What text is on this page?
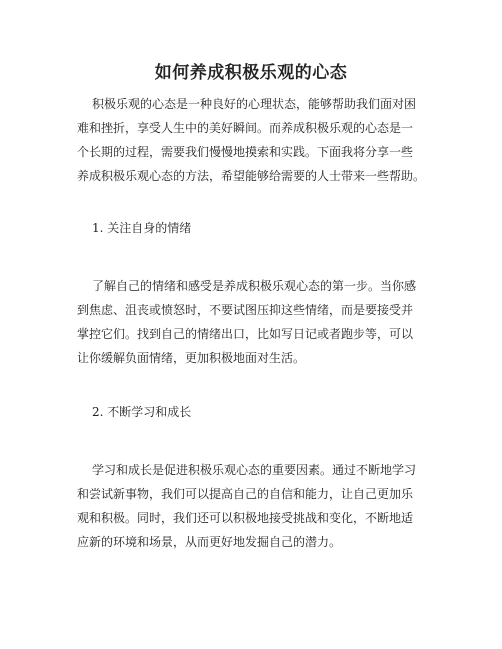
如何养成积极乐观的心态
积极乐观的心态是一种良好的心理状态，能够帮助我们面对困
难和挫折，享受人生中的美好瞬间。而养成积极乐观的心态是一
个长期的过程，需要我们慢慢地摸索和实践。下面我将分享一些
养成积极乐观心态的方法，希望能够给需要的人士带来一些帮助。
1. 关注自身的情绪
了解自己的情绪和感受是养成积极乐观心态的第一步。当你感
到焦虑、沮丧或愤怒时，不要试图压抑这些情绪，而是要接受并
掌控它们。找到自己的情绪出口，比如写日记或者跑步等，可以
让你缓解负面情绪，更加积极地面对生活。
2. 不断学习和成长
学习和成长是促进积极乐观心态的重要因素。通过不断地学习
和尝试新事物，我们可以提高自己的自信和能力，让自己更加乐
观和积极。同时，我们还可以积极地接受挑战和变化，不断地适
应新的环境和场景，从而更好地发掘自己的潜力。
